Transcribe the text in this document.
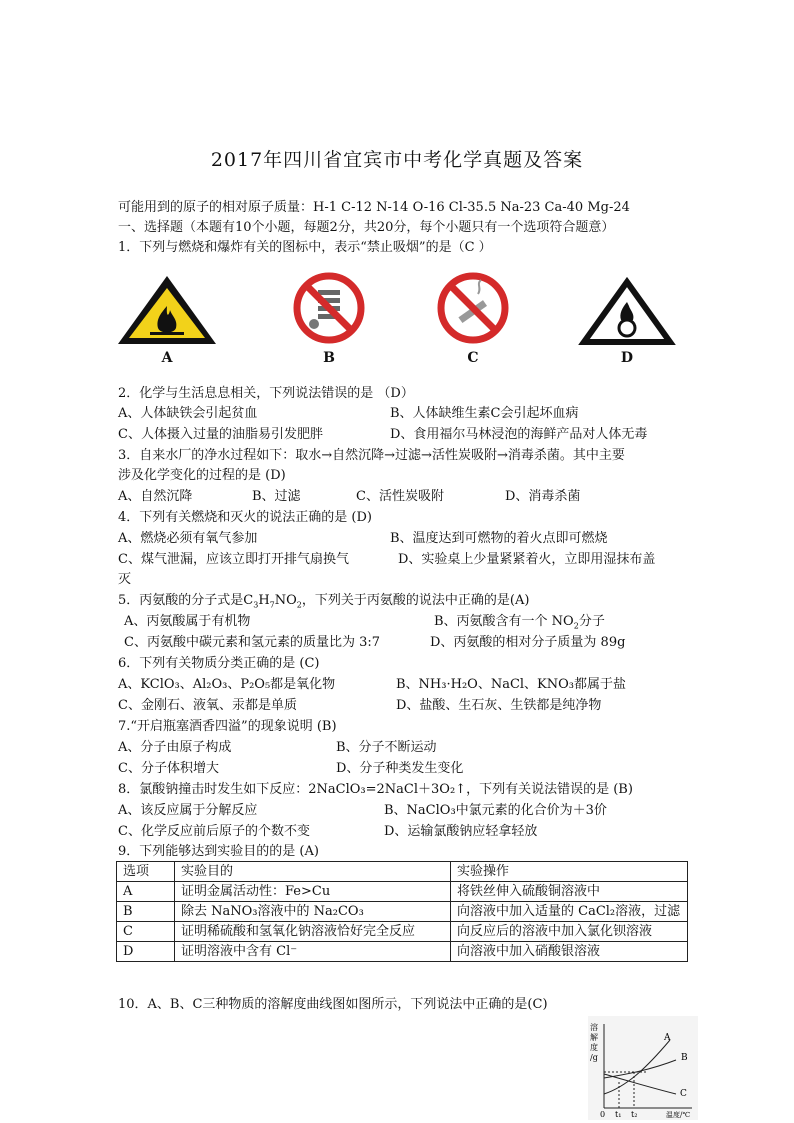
2017年四川省宜宾市中考化学真题及答案
可能用到的原子的相对原子质量：H-1 C-12 N-14 O-16 Cl-35.5 Na-23 Ca-40 Mg-24
一、选择题（本题有10个小题，每题2分，共20分，每个小题只有一个选项符合题意）
1．下列与燃烧和爆炸有关的图标中，表示“禁止吸烟”的是（C ）
A	B	C	D
2．化学与生活息息相关，下列说法错误的是 （D）
A、人体缺铁会引起贫血	B、人体缺维生素C会引起坏血病
C、人体摄入过量的油脂易引发肥胖	D、食用福尔马林浸泡的海鲜产品对人体无毒
3．自来水厂的净水过程如下：取水→自然沉降→过滤→活性炭吸附→消毒杀菌。其中主要
涉及化学变化的过程的是 (D)
A、自然沉降	B、过滤	C、活性炭吸附	D、消毒杀菌
4．下列有关燃烧和灭火的说法正确的是 (D)
A、燃烧必须有氧气参加	B、温度达到可燃物的着火点即可燃烧
C、煤气泄漏，应该立即打开排气扇换气	D、实验桌上少量紧紧着火，立即用湿抹布盖
灭
5．丙氨酸的分子式是$C_3H_7NO_2$，下列关于丙氨酸的说法中正确的是(A)
A、丙氨酸属于有机物	B、丙氨酸含有一个 $NO_2$分子
C、丙氨酸中碳元素和氢元素的质量比为 3:7	D、丙氨酸的相对分子质量为 89g
6．下列有关物质分类正确的是 (C)
A、KClO₃、Al₂O₃、P₂O₅都是氧化物	B、NH₃·H₂O、NaCl、KNO₃都属于盐
C、金刚石、液氧、汞都是单质	D、盐酸、生石灰、生铁都是纯净物
7.“开启瓶塞酒香四溢”的现象说明 (B)
A、分子由原子构成	B、分子不断运动
C、分子体积增大	D、分子种类发生变化
8．氯酸钠撞击时发生如下反应：2NaClO₃=2NaCl＋3O₂↑，下列有关说法错误的是 (B)
A、该反应属于分解反应	B、NaClO₃中氯元素的化合价为＋3价
C、化学反应前后原子的个数不变	D、运输氯酸钠应轻拿轻放
9．下列能够达到实验目的的是 (A)
选项	实验目的	实验操作
A	证明金属活动性：Fe>Cu	将铁丝伸入硫酸铜溶液中
B	除去 NaNO₃溶液中的 Na₂CO₃	向溶液中加入适量的 CaCl₂溶液，过滤
C	证明稀硫酸和氢氧化钠溶液恰好完全反应	向反应后的溶液中加入氯化钡溶液
D	证明溶液中含有 Cl⁻	向溶液中加入硝酸银溶液
10．A、B、C三种物质的溶解度曲线图如图所示，下列说法中正确的是(C)
溶解度/g
0 t₁ t₂	温度/℃
A
B
C
